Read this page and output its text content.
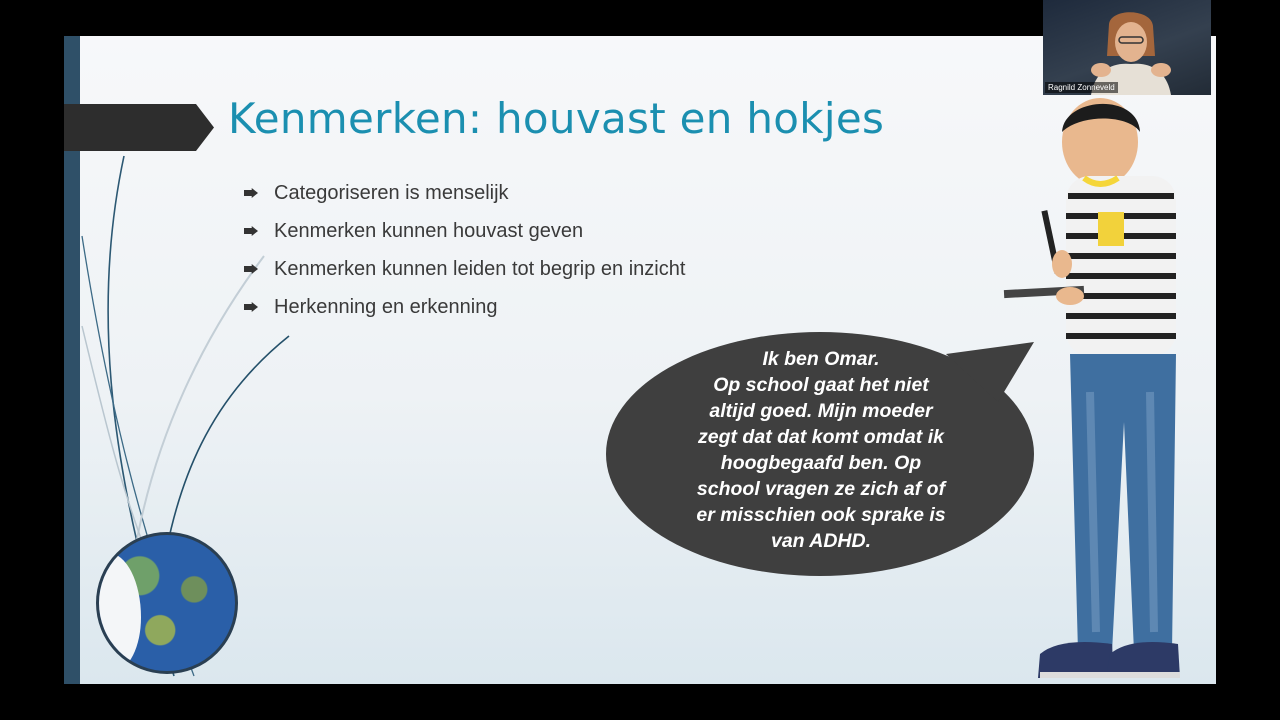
Kenmerken: houvast en hokjes
Categoriseren is menselijk
Kenmerken kunnen houvast geven
Kenmerken kunnen leiden tot begrip en inzicht
Herkenning en erkenning
Ik ben Omar.
Op school gaat het niet
altijd goed. Mijn moeder
zegt dat dat komt omdat ik
hoogbegaafd ben. Op
school vragen ze zich af of
er misschien ook sprake is
van ADHD.
Ragnild Zonneveld
